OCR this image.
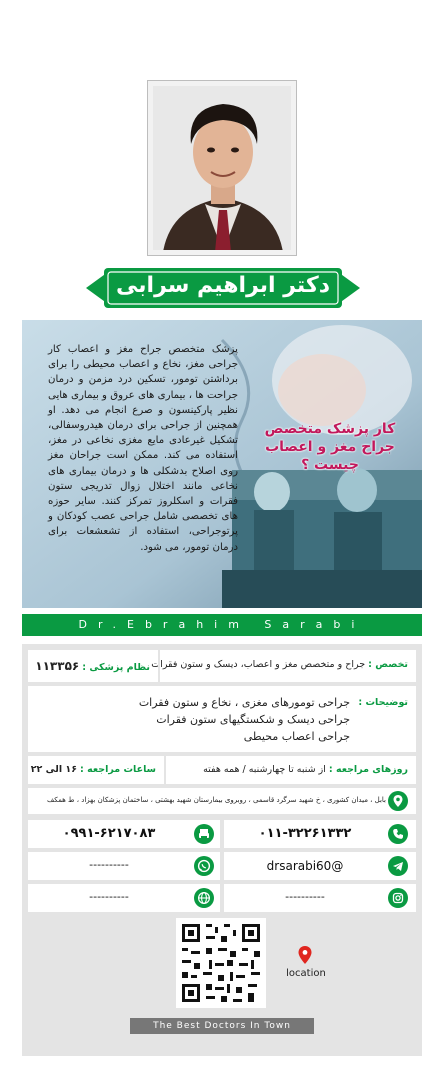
دکتر ابراهیم سرابی
پزشک متخصص جراح مغز و اعصاب کار جراحی مغز، نخاع و اعصاب محیطی را برای برداشتن تومور، تسکین درد مزمن و درمان جراحت ها ، بیماری های عروق و بیماری هایی نظیر پارکینسون و صرع انجام می دهد. او همچنین از جراحی برای درمان هیدروسفالی، تشکیل غیرعادی مایع مغزی نخاعی در مغز، استفاده می کند. ممکن است جراحان مغز روی اصلاح بدشکلی ها و درمان بیماری های نخاعی مانند اختلال زوال تدریجی ستون فقرات و اسکلروز تمرکز کنند. سایر حوزه های تخصصی شامل جراحی عصب کودکان و پرتوجراحی، استفاده از تشعشعات برای درمان تومور، می شود.
کار پزشک متخصص
جراح مغز و اعصاب چیست ؟
Dr.Ebrahim Sarabi
تخصص : جراح و متخصص مغز و اعصاب، دیسک و ستون فقرات
نظام پزشکی : ۱۱۳۳۵۶
توضیحات :
جراحی تومورهای مغزی ، نخاع و ستون فقرات
جراحی دیسک و شکستگیهای ستون فقرات
جراحی اعصاب محیطی
روزهای مراجعه : از شنبه تا چهارشنبه / همه هفته
ساعات مراجعه : ۱۶ الی ۲۲
بابل ، میدان کشوری ، خ شهید سرگرد قاسمی ، روبروی بیمارستان شهید بهشتی ، ساختمان پزشکان بهزاد ، ط همکف
۰۱۱-۳۲۲۶۱۳۳۲
۰۹۹۱-۶۲۱۷۰۸۳
@drsarabi60
----------
----------
----------
location
The Best Doctors In Town
